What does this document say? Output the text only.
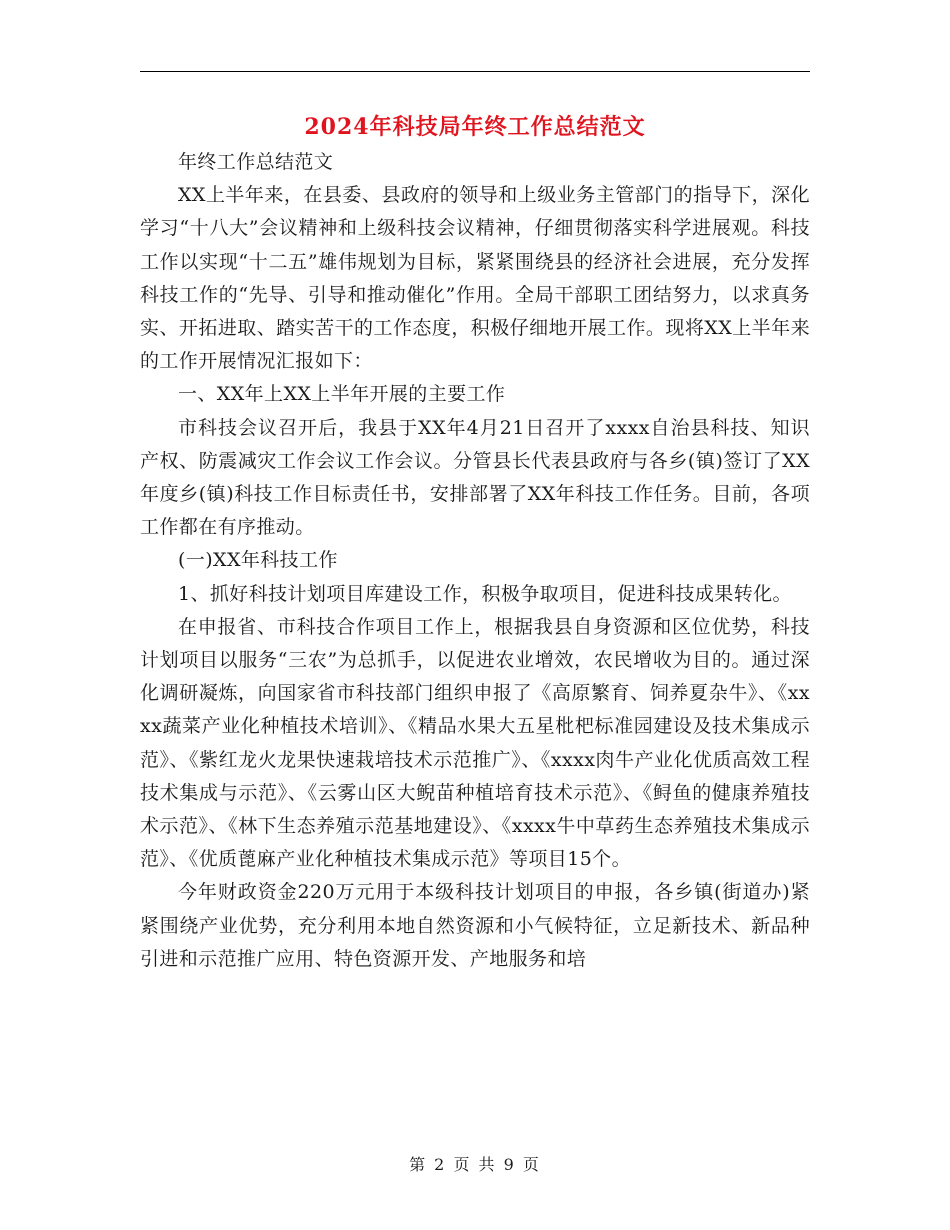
2024年科技局年终工作总结范文

年终工作总结范文

XX上半年来，在县委、县政府的领导和上级业务主管部门的指导下，深化学习“十八大”会议精神和上级科技会议精神，仔细贯彻落实科学进展观。科技工作以实现“十二五”雄伟规划为目标，紧紧围绕县的经济社会进展，充分发挥科技工作的“先导、引导和推动催化”作用。全局干部职工团结努力，以求真务实、开拓进取、踏实苦干的工作态度，积极仔细地开展工作。现将XX上半年来的工作开展情况汇报如下：

一、XX年上XX上半年开展的主要工作

市科技会议召开后，我县于XX年4月21日召开了xxxx自治县科技、知识产权、防震减灾工作会议工作会议。分管县长代表县政府与各乡(镇)签订了XX年度乡(镇)科技工作目标责任书，安排部署了XX年科技工作任务。目前，各项工作都在有序推动。

(一)XX年科技工作

1、抓好科技计划项目库建设工作，积极争取项目，促进科技成果转化。

在申报省、市科技合作项目工作上，根据我县自身资源和区位优势，科技计划项目以服务“三农”为总抓手，以促进农业增效，农民增收为目的。通过深化调研凝炼，向国家省市科技部门组织申报了《高原繁育、饲养夏杂牛》、《xxxx蔬菜产业化种植技术培训》、《精品水果大五星枇杷标准园建设及技术集成示范》、《紫红龙火龙果快速栽培技术示范推广》、《xxxx肉牛产业化优质高效工程技术集成与示范》、《云雾山区大鲵苗种植培育技术示范》、《鲟鱼的健康养殖技术示范》、《林下生态养殖示范基地建设》、《xxxx牛中草药生态养殖技术集成示范》、《优质蓖麻产业化种植技术集成示范》等项目15个。

今年财政资金220万元用于本级科技计划项目的申报，各乡镇(街道办)紧紧围绕产业优势，充分利用本地自然资源和小气候特征，立足新技术、新品种引进和示范推广应用、特色资源开发、产地服务和培

第 2 页 共 9 页
